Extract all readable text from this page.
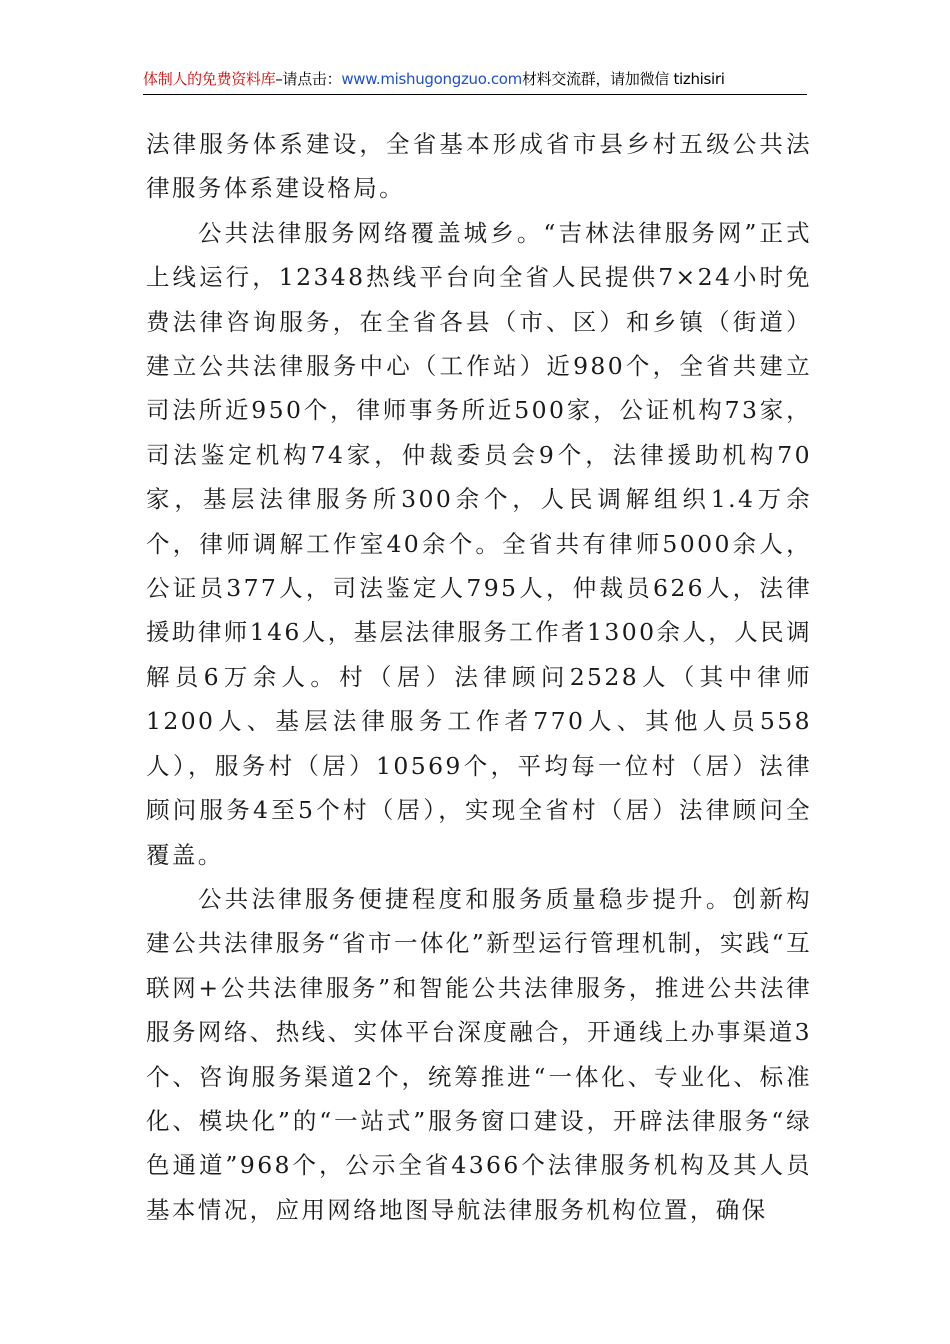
体制人的免费资料库–请点击：www.mishugongzuo.com材料交流群，请加微信 tizhisiri

法律服务体系建设，全省基本形成省市县乡村五级公共法律服务体系建设格局。

公共法律服务网络覆盖城乡。“吉林法律服务网”正式上线运行，12348热线平台向全省人民提供7×24小时免费法律咨询服务，在全省各县（市、区）和乡镇（街道）建立公共法律服务中心（工作站）近980个，全省共建立司法所近950个，律师事务所近500家，公证机构73家，司法鉴定机构74家，仲裁委员会9个，法律援助机构70家，基层法律服务所300余个，人民调解组织1.4万余个，律师调解工作室40余个。全省共有律师5000余人，公证员377人，司法鉴定人795人，仲裁员626人，法律援助律师146人，基层法律服务工作者1300余人，人民调解员6万余人。村（居）法律顾问2528人（其中律师1200人、基层法律服务工作者770人、其他人员558人），服务村（居）10569个，平均每一位村（居）法律顾问服务4至5个村（居），实现全省村（居）法律顾问全覆盖。

公共法律服务便捷程度和服务质量稳步提升。创新构建公共法律服务“省市一体化”新型运行管理机制，实践“互联网+公共法律服务”和智能公共法律服务，推进公共法律服务网络、热线、实体平台深度融合，开通线上办事渠道3个、咨询服务渠道2个，统筹推进“一体化、专业化、标准化、模块化”的“一站式”服务窗口建设，开辟法律服务“绿色通道”968个，公示全省4366个法律服务机构及其人员基本情况，应用网络地图导航法律服务机构位置，确保
